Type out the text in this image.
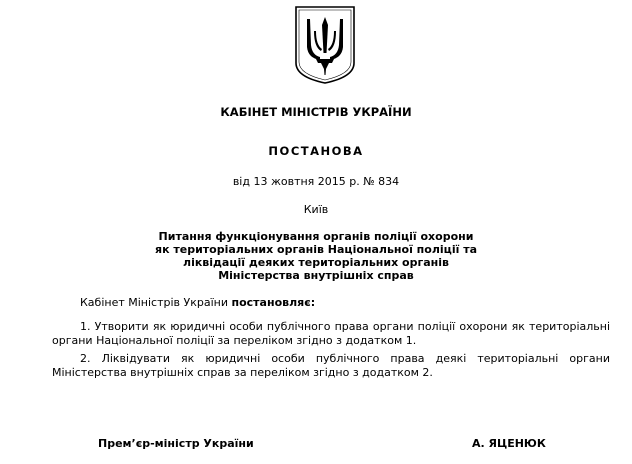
КАБІНЕТ МІНІСТРІВ УКРАЇНИ
ПОСТАНОВА
від 13 жовтня 2015 р. № 834
Київ
Питання функціонування органів поліції охорони
як територіальних органів Національної поліції та
ліквідації деяких територіальних органів
Міністерства внутрішніх справ
Кабінет Міністрів України постановляє:
1. Утворити як юридичні особи публічного права органи поліції охорони як територіальні органи Національної поліції за переліком згідно з додатком 1.
2. Ліквідувати як юридичні особи публічного права деякі територіальні органи Міністерства внутрішніх справ за переліком згідно з додатком 2.
Прем’єр-міністр України	А. ЯЦЕНЮК
